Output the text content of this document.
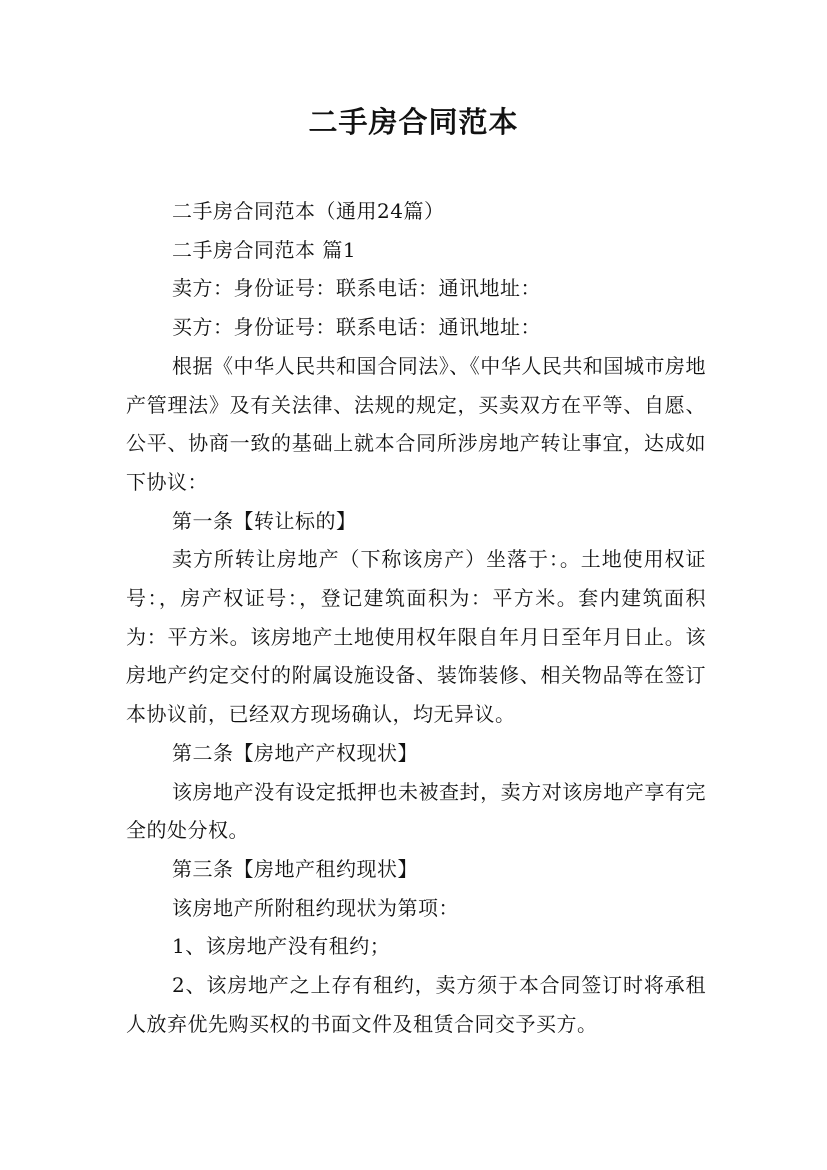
二手房合同范本

二手房合同范本（通用24篇）

二手房合同范本 篇1

卖方：身份证号：联系电话：通讯地址：

买方：身份证号：联系电话：通讯地址：

根据《中华人民共和国合同法》、《中华人民共和国城市房地产管理法》及有关法律、法规的规定，买卖双方在平等、自愿、公平、协商一致的基础上就本合同所涉房地产转让事宜，达成如下协议：

第一条【转让标的】

卖方所转让房地产（下称该房产）坐落于：。土地使用权证号：，房产权证号：，登记建筑面积为：平方米。套内建筑面积为：平方米。该房地产土地使用权年限自年月日至年月日止。该房地产约定交付的附属设施设备、装饰装修、相关物品等在签订本协议前，已经双方现场确认，均无异议。

第二条【房地产产权现状】

该房地产没有设定抵押也未被查封，卖方对该房地产享有完全的处分权。

第三条【房地产租约现状】

该房地产所附租约现状为第项：

1、该房地产没有租约；

2、该房地产之上存有租约，卖方须于本合同签订时将承租人放弃优先购买权的书面文件及租赁合同交予买方。
